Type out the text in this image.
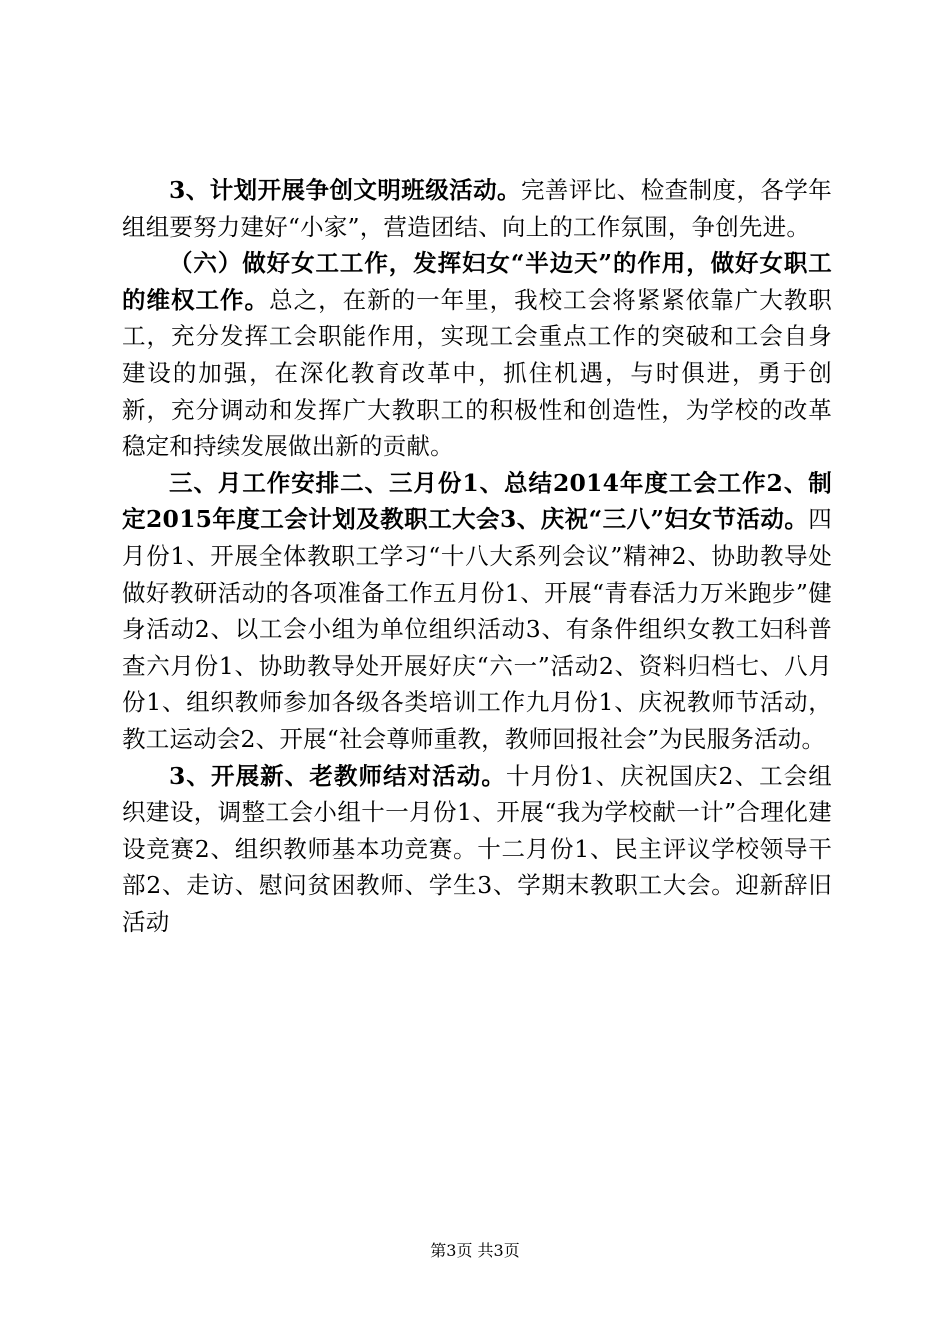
3、计划开展争创文明班级活动。完善评比、检查制度，各学年组组要努力建好“小家”，营造团结、向上的工作氛围，争创先进。

（六）做好女工工作，发挥妇女“半边天”的作用，做好女职工的维权工作。总之，在新的一年里，我校工会将紧紧依靠广大教职工，充分发挥工会职能作用，实现工会重点工作的突破和工会自身建设的加强，在深化教育改革中，抓住机遇，与时俱进，勇于创新，充分调动和发挥广大教职工的积极性和创造性，为学校的改革稳定和持续发展做出新的贡献。

三、月工作安排二、三月份1、总结2014年度工会工作2、制定2015年度工会计划及教职工大会3、庆祝“三八”妇女节活动。四月份1、开展全体教职工学习“十八大系列会议”精神2、协助教导处做好教研活动的各项准备工作五月份1、开展“青春活力万米跑步”健身活动2、以工会小组为单位组织活动3、有条件组织女教工妇科普查六月份1、协助教导处开展好庆“六一”活动2、资料归档七、八月份1、组织教师参加各级各类培训工作九月份1、庆祝教师节活动，教工运动会2、开展“社会尊师重教，教师回报社会”为民服务活动。

3、开展新、老教师结对活动。十月份1、庆祝国庆2、工会组织建设，调整工会小组十一月份1、开展“我为学校献一计”合理化建设竞赛2、组织教师基本功竞赛。十二月份1、民主评议学校领导干部2、走访、慰问贫困教师、学生3、学期末教职工大会。迎新辞旧活动

第3页 共3页
